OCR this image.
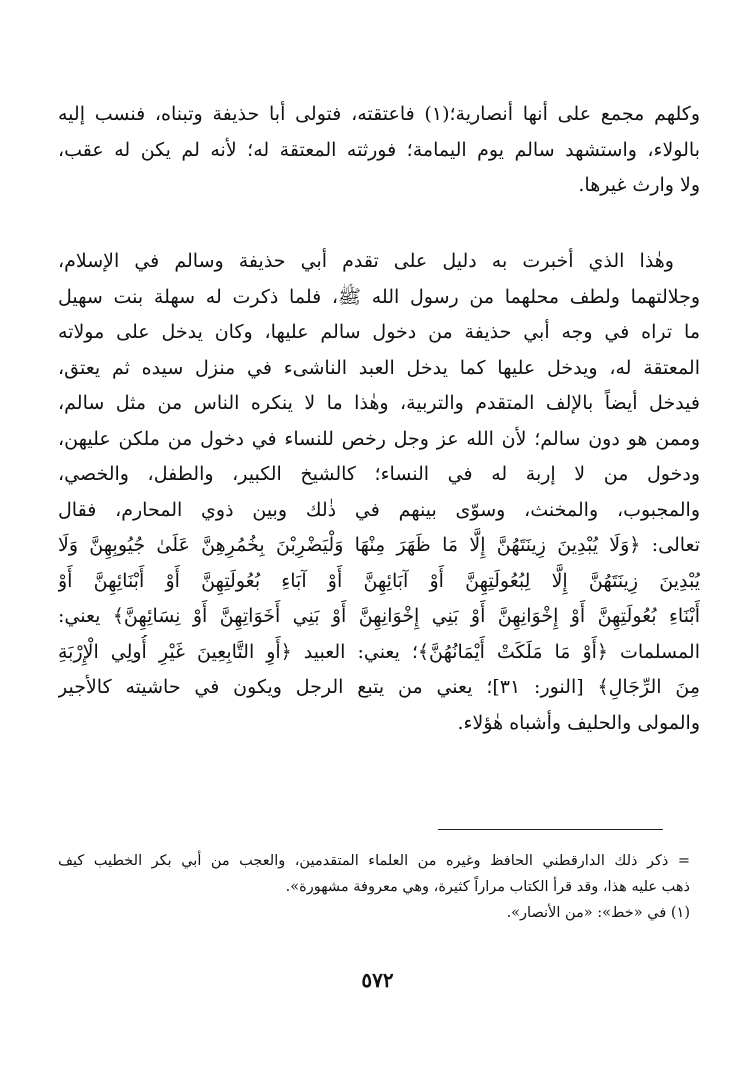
وكلهم مجمع على أنها أنصارية؛(١) فاعتقته، فتولى أبا حذيفة وتبناه، فنسب إليه
بالولاء، واستشهد سالم يوم اليمامة؛ فورثته المعتقة له؛ لأنه لم يكن له عقب،
ولا وارث غيرها.
وهٰذا الذي أخبرت به دليل على تقدم أبي حذيفة وسالم في الإسلام،
وجلالتهما ولطف محلهما من رسول الله ﷺ، فلما ذكرت له سهلة بنت سهيل
ما تراه في وجه أبي حذيفة من دخول سالم عليها، وكان يدخل على مولاته
المعتقة له، ويدخل عليها كما يدخل العبد الناشىء في منزل سيده ثم يعتق،
فيدخل أيضاً بالإلف المتقدم والتربية، وهٰذا ما لا ينكره الناس من مثل سالم،
وممن هو دون سالم؛ لأن الله عز وجل رخص للنساء في دخول من ملكن عليهن،
ودخول من لا إربة له في النساء؛ كالشيخ الكبير، والطفل، والخصي،
والمجبوب، والمخنث، وسوّى بينهم في ذٰلك وبين ذوي المحارم، فقال
تعالى: ﴿وَلَا يُبْدِينَ زِينَتَهُنَّ إِلَّا مَا ظَهَرَ مِنْهَا وَلْيَضْرِبْنَ بِخُمُرِهِنَّ عَلَىٰ جُيُوبِهِنَّ وَلَا
يُبْدِينَ زِينَتَهُنَّ إِلَّا لِبُعُولَتِهِنَّ أَوْ آبَائِهِنَّ أَوْ آبَاءِ بُعُولَتِهِنَّ أَوْ أَبْنَائِهِنَّ أَوْ
أَبْنَاءِ بُعُولَتِهِنَّ أَوْ إِخْوَانِهِنَّ أَوْ بَنِي إِخْوَانِهِنَّ أَوْ بَنِي أَخَوَاتِهِنَّ أَوْ نِسَائِهِنَّ﴾ يعني:
المسلمات ﴿أَوْ مَا مَلَكَتْ أَيْمَانُهُنَّ﴾؛ يعني: العبيد ﴿أَوِ التَّابِعِينَ غَيْرِ أُولِي الْإِرْبَةِ
مِنَ الرِّجَالِ﴾ [النور: ٣١]؛ يعني من يتبع الرجل ويكون في حاشيته كالأجير
والمولى والحليف وأشباه هٰؤلاء.
= ذكر ذلك الدارقطني الحافظ وغيره من العلماء المتقدمين، والعجب من أبي بكر الخطيب كيف
ذهب عليه هذا، وقد قرأ الكتاب مراراً كثيرة، وهي معروفة مشهورة».
(١) في «خط»: «من الأنصار».
٥٧٢
